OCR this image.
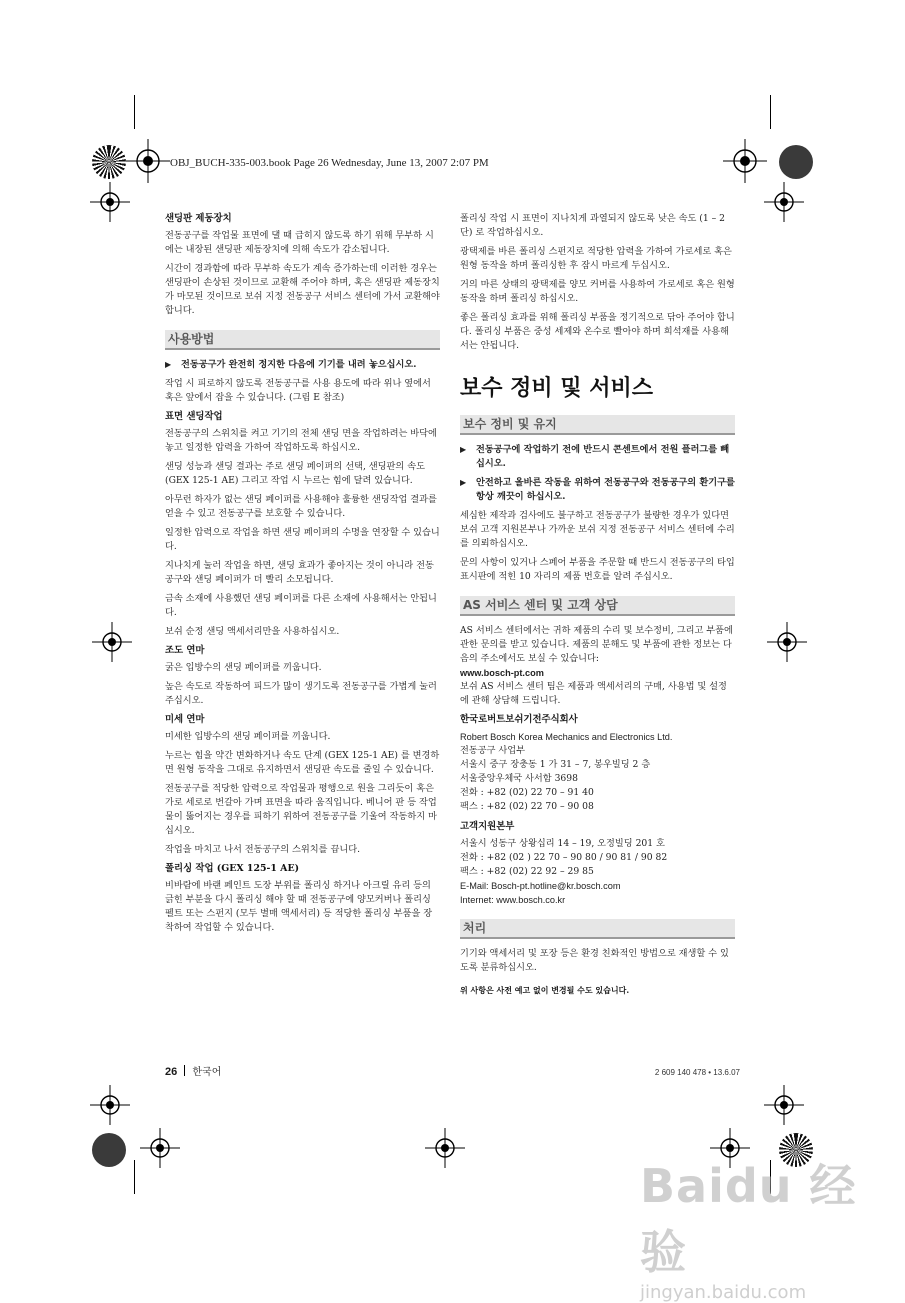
OBJ_BUCH-335-003.book Page 26 Wednesday, June 13, 2007 2:07 PM
샌딩판 제동장치

전동공구를 작업물 표면에 댈 때 급히지 않도록 하기 위해 무부하 시에는 내장된 샌딩판 제동장치에 의해 속도가 감소됩니다.

시간이 경과함에 따라 무부하 속도가 계속 증가하는데 이러한 경우는 샌딩판이 손상된 것이므로 교환해 주어야 하며, 혹은 샌딩판 제동장치가 마모된 것이므로 보쉬 지정 전동공구 서비스 센터에 가서 교환해야 합니다.

사용방법
▶	전동공구가 완전히 정지한 다음에 기기를 내려 놓으십시오.

작업 시 피로하지 않도록 전동공구를 사용 용도에 따라 위나 옆에서 혹은 앞에서 잡을 수 있습니다. (그림 E 참조)

표면 샌딩작업

전동공구의 스위치를 켜고 기기의 전체 샌딩 면을 작업하려는 바닥에 놓고 일정한 압력을 가하여 작업하도록 하십시오.

샌딩 성능과 샌딩 결과는 주로 샌딩 페이퍼의 선택, 샌딩판의 속도 (GEX 125-1 AE) 그리고 작업 시 누르는 힘에 달려 있습니다.

아무런 하자가 없는 샌딩 페이퍼를 사용해야 훌륭한 샌딩작업 결과를 얻을 수 있고 전동공구를 보호할 수 있습니다.

일정한 압력으로 작업을 하면 샌딩 페이퍼의 수명을 연장할 수 있습니다.

지나치게 눌러 작업을 하면, 샌딩 효과가 좋아지는 것이 아니라 전동공구와 샌딩 페이퍼가 더 빨리 소모됩니다.

금속 소재에 사용했던 샌딩 페이퍼를 다른 소재에 사용해서는 안됩니다.

보쉬 순정 샌딩 액세서리만을 사용하십시오.

조도 연마

굵은 입방수의 샌딩 페이퍼를 끼웁니다.

높은 속도로 작동하여 피드가 많이 생기도록 전동공구를 가볍게 눌러주십시오.

미세 연마

미세한 입방수의 샌딩 페이퍼를 끼웁니다.

누르는 힘을 약간 변화하거나 속도 단계 (GEX 125-1 AE) 를 변경하면 원형 동작을 그대로 유지하면서 샌딩판 속도를 줄일 수 있습니다.

전동공구를 적당한 압력으로 작업물과 평행으로 원을 그리듯이 혹은 가로 세로로 번갈아 가며 표면을 따라 움직입니다. 베니어 판 등 작업물이 뚫어지는 경우를 피하기 위하여 전동공구를 기울여 작동하지 마십시오.

작업을 마치고 나서 전동공구의 스위치를 끕니다.

폴리싱 작업 (GEX 125-1 AE)

비바람에 바랜 페인트 도장 부위를 폴리싱 하거나 아크릴 유리 등의 긁힌 부분을 다시 폴리싱 해야 할 때 전동공구에 양모커버나 폴리싱 펠트 또는 스펀지 (모두 별매 액세서리) 등 적당한 폴리싱 부품을 장착하여 작업할 수 있습니다.

폴리싱 작업 시 표면이 지나치게 과열되지 않도록 낮은 속도 (1 – 2 단) 로 작업하십시오.

광택제를 바른 폴리싱 스펀지로 적당한 압력을 가하여 가로세로 혹은 원형 동작을 하며 폴리싱한 후 잠시 마르게 두십시오.

거의 마른 상태의 광택제를 양모 커버를 사용하여 가로세로 혹은 원형 동작을 하며 폴리싱 하십시오.

좋은 폴리싱 효과를 위해 폴리싱 부품을 정기적으로 닦아 주어야 합니다. 폴리싱 부품은 중성 세제와 온수로 빨아야 하며 희석재를 사용해서는 안됩니다.

보수 정비 및 서비스
보수 정비 및 유지
▶	전동공구에 작업하기 전에 반드시 콘센트에서 전원 플러그를 빼십시오.
▶	안전하고 올바른 작동을 위하여 전동공구와 전동공구의 환기구를 항상 깨끗이 하십시오.

세심한 제작과 검사에도 불구하고 전동공구가 불량한 경우가 있다면 보쉬 고객 지원본부나 가까운 보쉬 지정 전동공구 서비스 센터에 수리를 의뢰하십시오.

문의 사항이 있거나 스페어 부품을 주문할 때 반드시 전동공구의 타입 표시판에 적힌 10 자리의 제품 번호를 알려 주십시오.

AS 서비스 센터 및 고객 상담

AS 서비스 센터에서는 귀하 제품의 수리 및 보수정비, 그리고 부품에 관한 문의를 받고 있습니다. 제품의 분해도 및 부품에 관한 정보는 다음의 주소에서도 보실 수 있습니다:

www.bosch-pt.com

보쉬 AS 서비스 센터 팀은 제품과 액세서리의 구매, 사용법 및 설정에 관해 상담해 드립니다.

한국로버트보쉬기전주식회사
Robert Bosch Korea Mechanics and Electronics Ltd.
전동공구 사업부
서울시 중구 장충동 1 가 31 – 7, 봉우빌딩 2 층
서울중앙우체국 사서함 3698
전화 : +82 (02) 22 70 – 91 40
팩스 : +82 (02) 22 70 – 90 08
고객지원본부
서울시 성동구 상왕십리 14 – 19, 오정빌딩 201 호
전화 : +82 (02 ) 22 70 – 90 80 / 90 81 / 90 82
팩스 : +82 (02) 22 92 – 29 85
E-Mail: Bosch-pt.hotline@kr.bosch.com
Internet: www.bosch.co.kr
처리

기기와 액세서리 및 포장 등은 환경 친화적인 방법으로 재생할 수 있도록 분류하십시오.

위 사항은 사전 예고 없이 변경될 수도 있습니다.
26 한국어	2 609 140 478 • 13.6.07
Baidu 经验
jingyan.baidu.com
